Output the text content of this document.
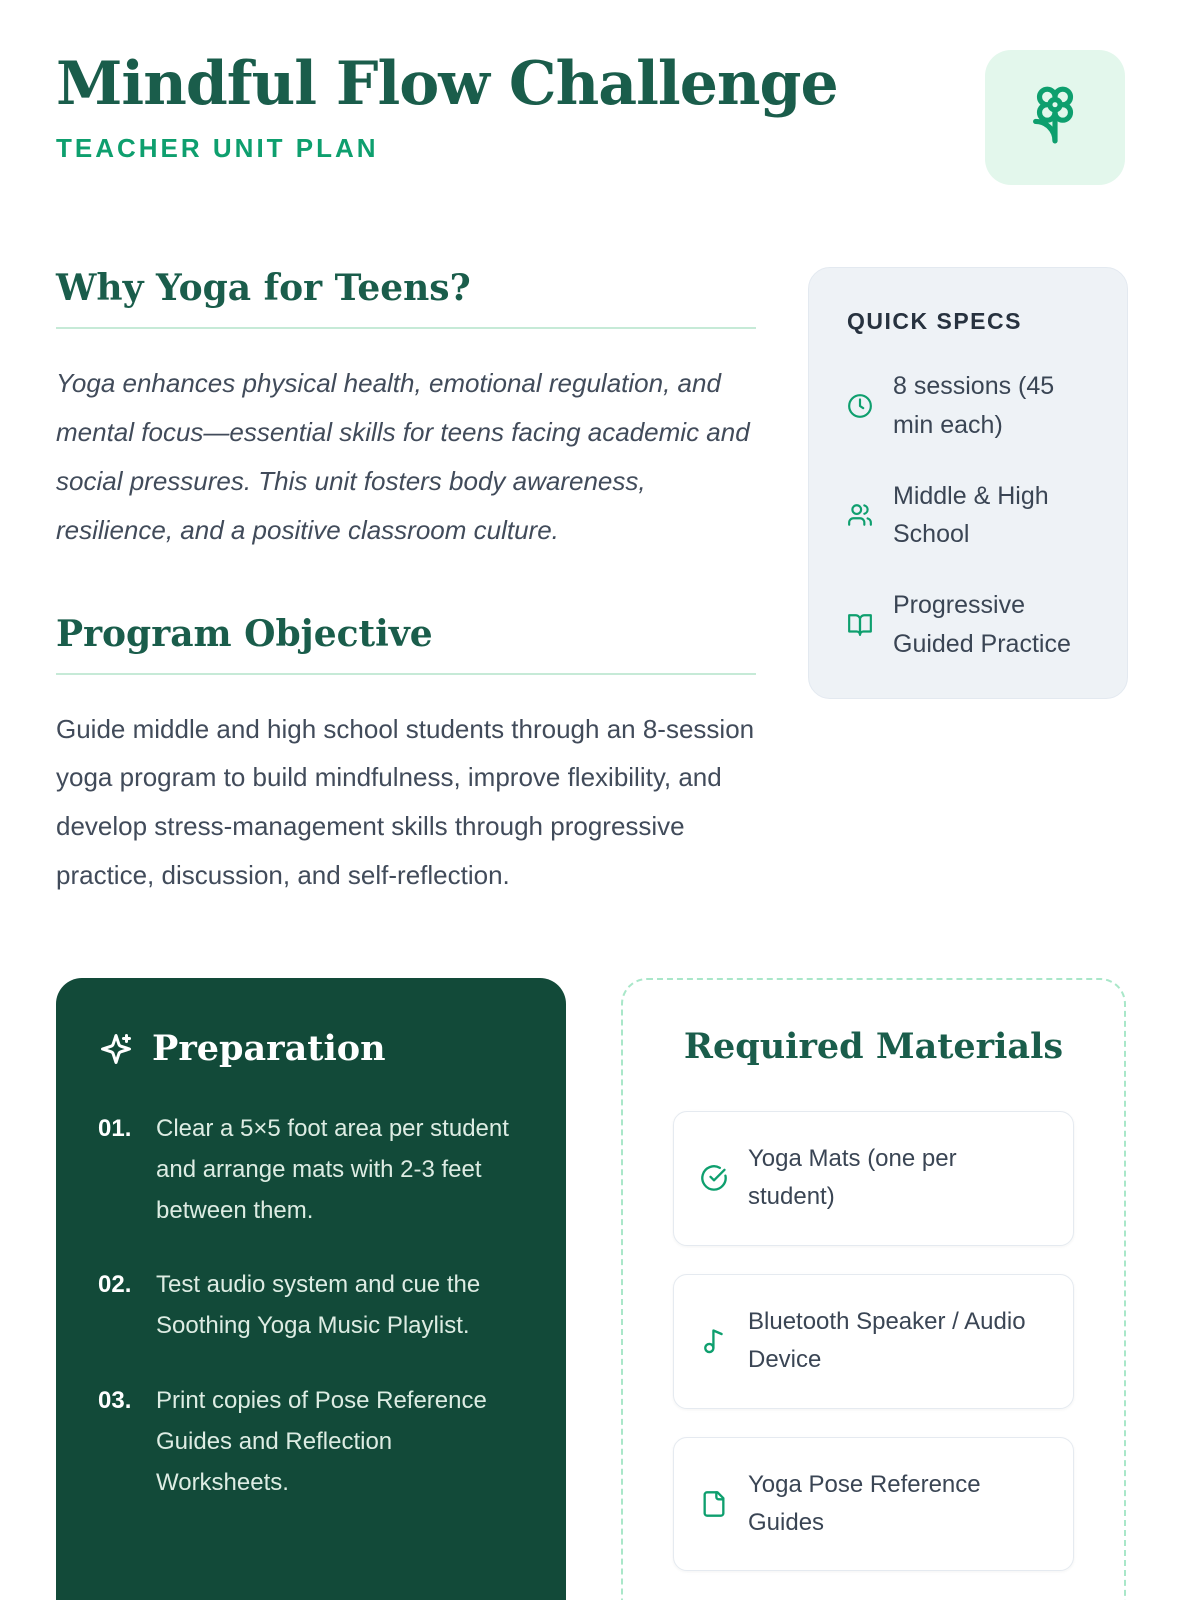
Mindful Flow Challenge
TEACHER UNIT PLAN
Why Yoga for Teens?

Yoga enhances physical health, emotional regulation, and mental focus—essential skills for teens facing academic and social pressures. This unit fosters body awareness, resilience, and a positive classroom culture.

Program Objective

Guide middle and high school students through an 8-session yoga program to build mindfulness, improve flexibility, and develop stress-management skills through progressive practice, discussion, and self-reflection.

QUICK SPECS
8 sessions (45 min each)
Middle & High School
Progressive Guided Practice
Preparation
01.	Clear a 5×5 foot area per student and arrange mats with 2-3 feet between them.
02.	Test audio system and cue the Soothing Yoga Music Playlist.
03.	Print copies of Pose Reference Guides and Reflection Worksheets.
Required Materials
Yoga Mats (one per student)
Bluetooth Speaker / Audio Device
Yoga Pose Reference Guides
